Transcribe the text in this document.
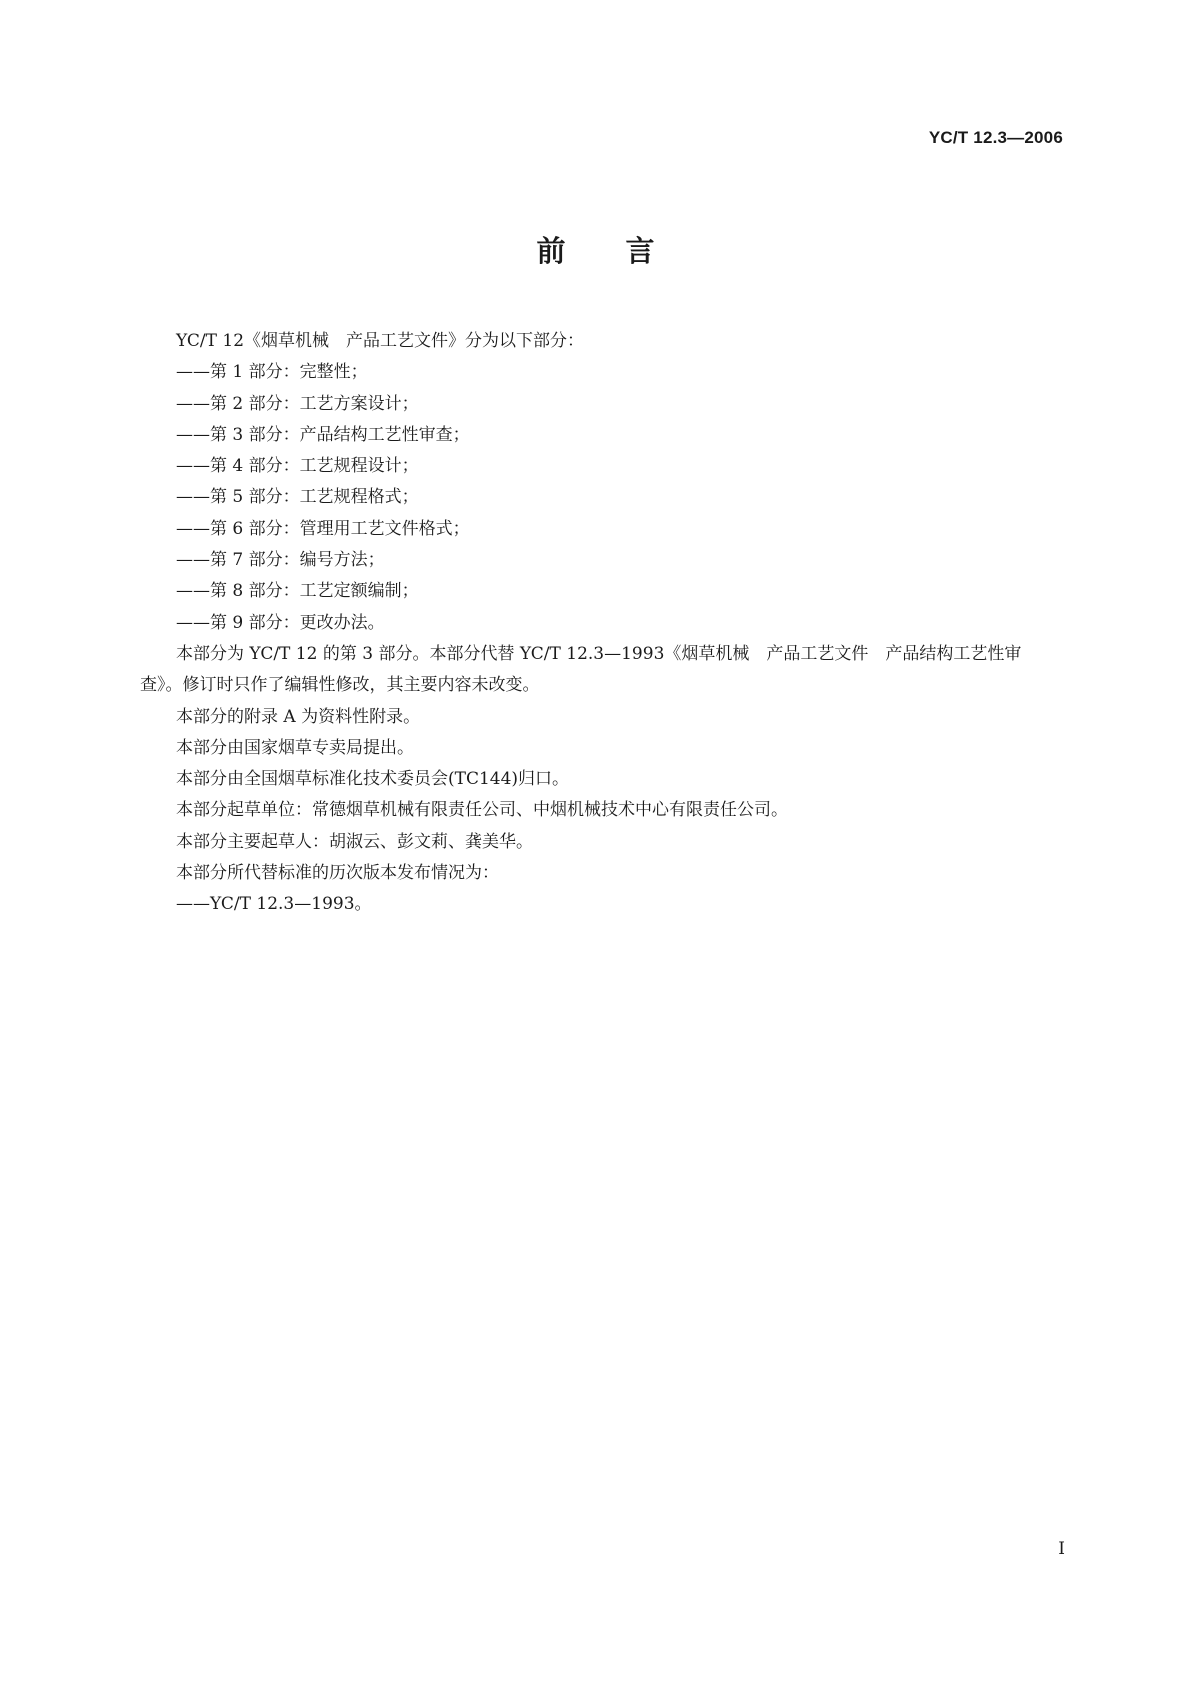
YC/T 12.3—2006
前 言
YC/T 12《烟草机械　产品工艺文件》分为以下部分：
——第 1 部分：完整性；
——第 2 部分：工艺方案设计；
——第 3 部分：产品结构工艺性审查；
——第 4 部分：工艺规程设计；
——第 5 部分：工艺规程格式；
——第 6 部分：管理用工艺文件格式；
——第 7 部分：编号方法；
——第 8 部分：工艺定额编制；
——第 9 部分：更改办法。
本部分为 YC/T 12 的第 3 部分。本部分代替 YC/T 12.3—1993《烟草机械　产品工艺文件　产品结构工艺性审查》。修订时只作了编辑性修改，其主要内容未改变。
本部分的附录 A 为资料性附录。
本部分由国家烟草专卖局提出。
本部分由全国烟草标准化技术委员会(TC144)归口。
本部分起草单位：常德烟草机械有限责任公司、中烟机械技术中心有限责任公司。
本部分主要起草人：胡淑云、彭文莉、龚美华。
本部分所代替标准的历次版本发布情况为：
——YC/T 12.3—1993。
I
